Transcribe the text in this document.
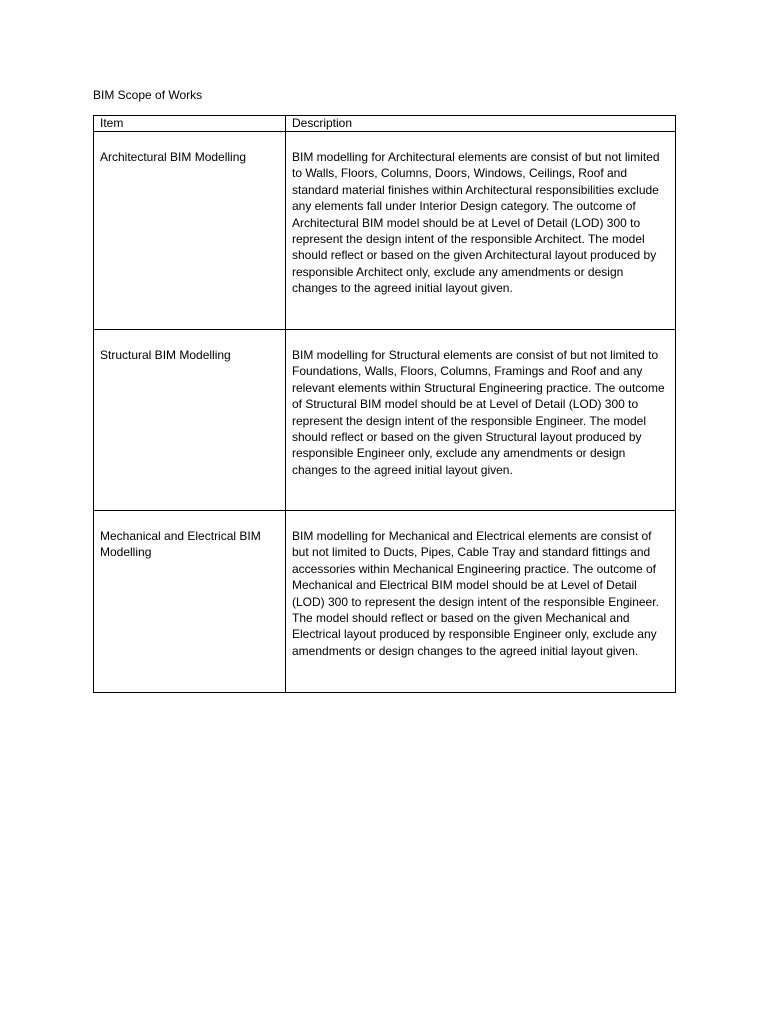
BIM Scope of Works
Item	Description
Architectural BIM Modelling	BIM modelling for Architectural elements are consist of but not limited to Walls, Floors, Columns, Doors, Windows, Ceilings, Roof and standard material finishes within Architectural responsibilities exclude any elements fall under Interior Design category. The outcome of Architectural BIM model should be at Level of Detail (LOD) 300 to represent the design intent of the responsible Architect. The model should reflect or based on the given Architectural layout produced by responsible Architect only, exclude any amendments or design changes to the agreed initial layout given.
Structural BIM Modelling	BIM modelling for Structural elements are consist of but not limited to Foundations, Walls, Floors, Columns, Framings and Roof and any relevant elements within Structural Engineering practice. The outcome of Structural BIM model should be at Level of Detail (LOD) 300 to represent the design intent of the responsible Engineer. The model should reflect or based on the given Structural layout produced by responsible Engineer only, exclude any amendments or design changes to the agreed initial layout given.
Mechanical and Electrical BIM Modelling	BIM modelling for Mechanical and Electrical elements are consist of but not limited to Ducts, Pipes, Cable Tray and standard fittings and accessories within Mechanical Engineering practice. The outcome of Mechanical and Electrical BIM model should be at Level of Detail (LOD) 300 to represent the design intent of the responsible Engineer. The model should reflect or based on the given Mechanical and Electrical layout produced by responsible Engineer only, exclude any amendments or design changes to the agreed initial layout given.
